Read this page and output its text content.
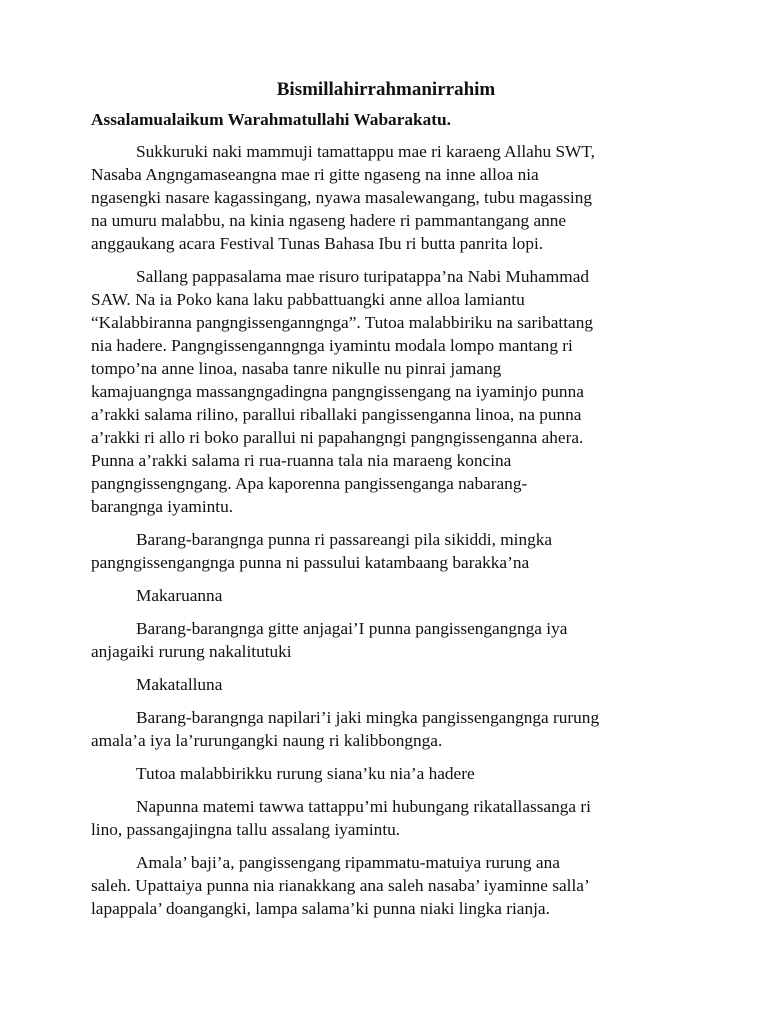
Bismillahirrahmanirrahim
Assalamualaikum Warahmatullahi Wabarakatu.

Sukkuruki naki mammuji tamattappu mae ri karaeng Allahu SWT,
Nasaba Angngamaseangna mae ri gitte ngaseng na inne alloa nia
ngasengki nasare kagassingang, nyawa masalewangang, tubu magassing
na umuru malabbu, na kinia ngaseng hadere ri pammantangang anne
anggaukang acara Festival Tunas Bahasa Ibu ri butta panrita lopi.

Sallang pappasalama mae risuro turipatappa’na Nabi Muhammad
SAW. Na ia Poko kana laku pabbattuangki anne alloa lamiantu
“Kalabbiranna pangngissenganngnga”. Tutoa malabbiriku na saribattang
nia hadere. Pangngissenganngnga iyamintu modala lompo mantang ri
tompo’na anne linoa, nasaba tanre nikulle nu pinrai jamang
kamajuangngа massangngadingna pangngissengang na iyaminjo punna
a’rakki salama rilino, parallui riballaki pangissenganna linoa, na punna
a’rakki ri allo ri boko parallui ni papahangngi pangngissenganna ahera.
Punna a’rakki salama ri rua-ruanna tala nia maraeng koncina
pangngissengngang. Apa kaporenna pangissenganga nabarang-
barangnga iyamintu.

Barang-barangnga punna ri passareangi pila sikiddi, mingka
pangngissengangngа punna ni passului katambaang barakka’na

Makaruanna

Barang-barangnga gitte anjagai’I punna pangissengangngа iya
anjagaiki rurung nakalitutuki

Makatalluna

Barang-barangnga napilari’i jaki mingka pangissengangngа rurung
amala’a iya la’rurungangki naung ri kalibbongnga.

Tutoa malabbirikku rurung siana’ku nia’a hadere

Napunna matemi tawwa tattappu’mi hubungang rikatallassanga ri
lino, passangajingna tallu assalang iyamintu.

Amala’ baji’a, pangissengang ripammatu-matuiya rurung ana
saleh. Upattaiya punna nia rianakkang ana saleh nasaba’ iyaminne salla’
lapappala’ doangangki, lampa salama’ki punna niaki lingka rianja.
